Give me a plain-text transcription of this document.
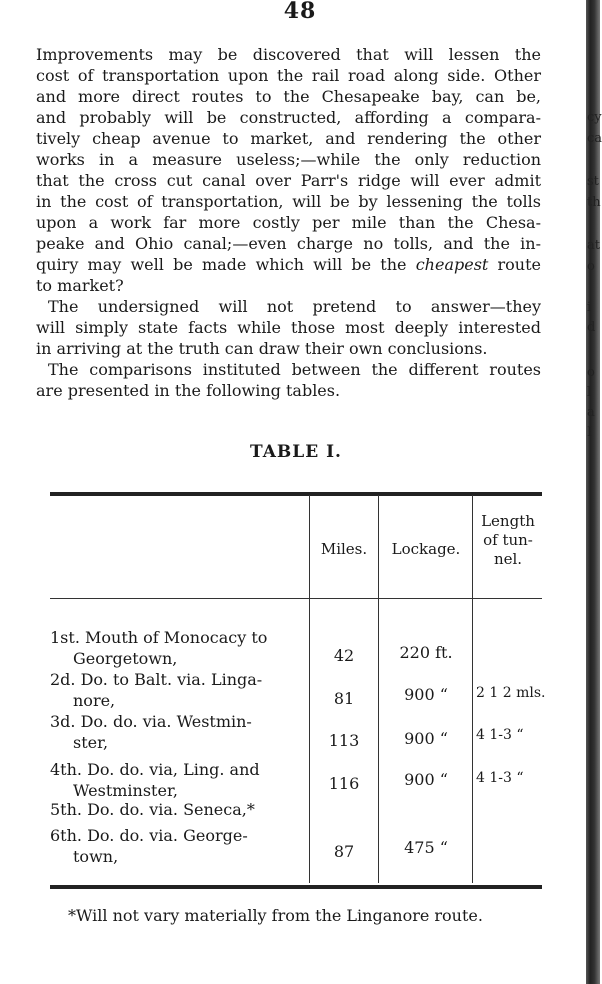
48
Improvements may be discovered that will lessen the
cost of transportation upon the rail road along side. Other
and more direct routes to the Chesapeake bay, can be,
and probably will be constructed, affording a compara-
tively cheap avenue to market, and rendering the other
works in a measure useless;—while the only reduction
that the cross cut canal over Parr's ridge will ever admit
in the cost of transportation, will be by lessening the tolls
upon a work far more costly per mile than the Chesa-
peake and Ohio canal;—even charge no tolls, and the in-
quiry may well be made which will be the cheapest route
to market?
The undersigned will not pretend to answer—they
will simply state facts while those most deeply interested
in arriving at the truth can draw their own conclusions.
The comparisons instituted between the different routes
are presented in the following tables.
TABLE I.
Miles.	Lockage.
Length
of tun-
nel.
1st. Mouth of Monocacy to
Georgetown,	42	220 ft.
2d. Do. to Balt. via. Linga-
nore,	81	900 “	2 1 2 mls.
3d. Do. do. via. Westmin-
ster,	113	900 “	4 1-3 “
4th. Do. do. via, Ling. and
Westminster,	116	900 “	4 1-3 “
5th. Do. do. via. Seneca,*
6th. Do. do. via. George-
town,	87	475 “
*Will not vary materially from the Linganore route.
cy
ca
st
th
at
o
i
d
o
l
a
I
